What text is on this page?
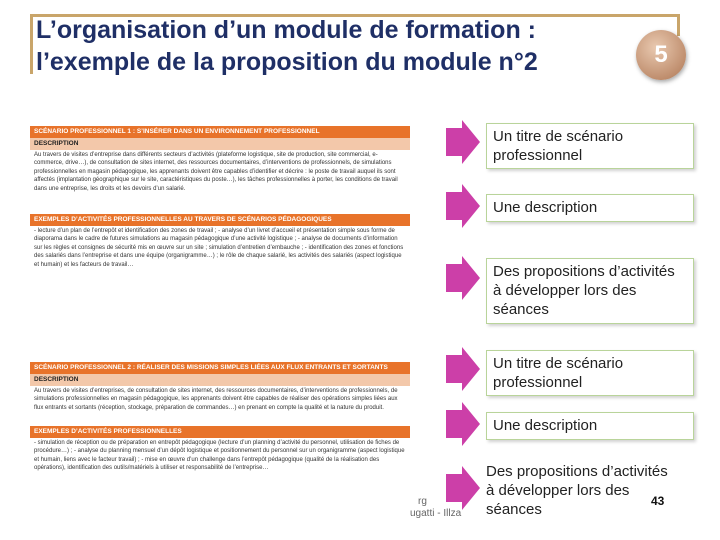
L’organisation d’un module de formation :
l’exemple de la proposition du module n°2	5
SCÉNARIO PROFESSIONNEL 1 : S’INSÉRER DANS UN ENVIRONNEMENT PROFESSIONNEL
DESCRIPTION
Au travers de visites d’entreprise dans différents secteurs d’activités (plateforme logistique, site de production, site commercial, e-commerce, drive…), de consultation de sites internet, des ressources documentaires, d’interventions de professionnels, de simulations professionnelles en magasin pédagogique, les apprenants doivent être capables d’identifier et décrire : le poste de travail auquel ils sont affectés (implantation géographique sur le site, caractéristiques du poste…), les tâches professionnelles à porter, les conditions de travail dans une entreprise, les droits et les devoirs d’un salarié.
EXEMPLES D’ACTIVITÉS PROFESSIONNELLES AU TRAVERS DE SCÉNARIOS PÉDAGOGIQUES
- lecture d’un plan de l’entrepôt et identification des zones de travail ; - analyse d’un livret d’accueil et présentation simple sous forme de diaporama dans le cadre de futures simulations au magasin pédagogique d’une activité logistique ; - analyse de documents d’information sur les règles et consignes de sécurité mis en œuvre sur un site ; simulation d’entretien d’embauche ; - identification des zones et fonctions des salariés dans l’entreprise et dans une équipe (organigramme…) ; le rôle de chaque salarié, les activités des salariés (aspect logistique et humain) et les facteurs de travail…
SCÉNARIO PROFESSIONNEL 2 : RÉALISER DES MISSIONS SIMPLES LIÉES AUX FLUX ENTRANTS ET SORTANTS
DESCRIPTION
Au travers de visites d’entreprises, de consultation de sites internet, des ressources documentaires, d’interventions de professionnels, de simulations professionnelles en magasin pédagogique, les apprenants doivent être capables de réaliser des opérations simples liées aux flux entrants et sortants (réception, stockage, préparation de commandes…) en prenant en compte la qualité et la nature du produit.
EXEMPLES D’ACTIVITÉS PROFESSIONNELLES
- simulation de réception ou de préparation en entrepôt pédagogique (lecture d’un planning d’activité du personnel, utilisation de fiches de procédure…) ; - analyse du planning mensuel d’un dépôt logistique et positionnement du personnel sur un organigramme (aspect logistique et humain, liens avec le facteur travail) ; - mise en œuvre d’un challenge dans l’entrepôt pédagogique (qualité de la réalisation des opérations), identification des outils/matériels à utiliser et responsabilité de l’entreprise…
rg
ugatti - Illza
Un titre de scénario professionnel
Une description
Des propositions d’activités à développer lors des séances
Un titre de scénario professionnel
Une description
Des propositions d’activités à développer lors des séances	43
